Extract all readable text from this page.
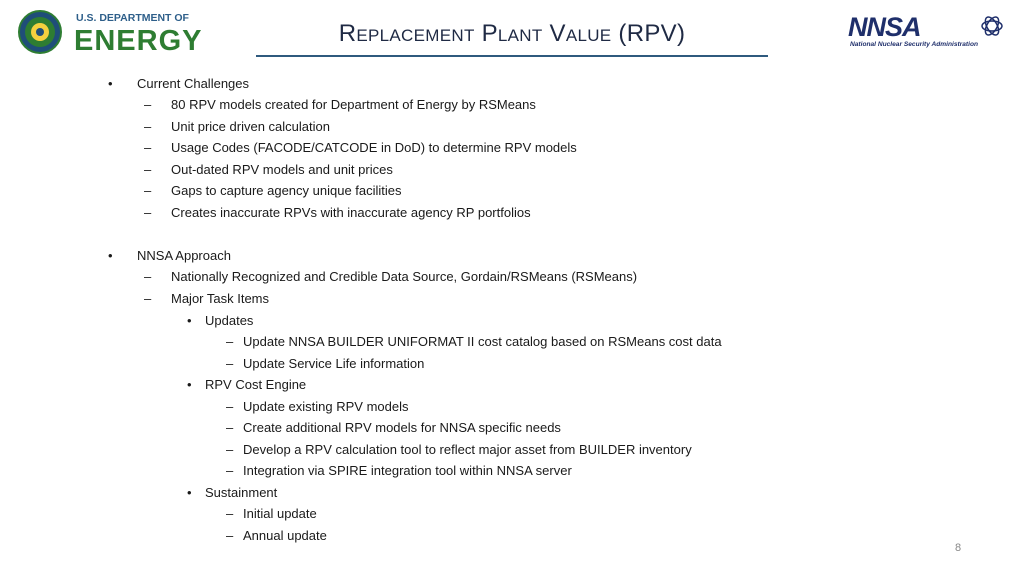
U.S. DEPARTMENT OF
ENERGY	Replacement Plant Value (RPV)	NNSA
National Nuclear Security Administration
• Current Challenges
– 80 RPV models created for Department of Energy by RSMeans
– Unit price driven calculation
– Usage Codes (FACODE/CATCODE in DoD) to determine RPV models
– Out-dated RPV models and unit prices
– Gaps to capture agency unique facilities
– Creates inaccurate RPVs with inaccurate agency RP portfolios
• NNSA Approach
– Nationally Recognized and Credible Data Source, Gordain/RSMeans (RSMeans)
– Major Task Items
• Updates
– Update NNSA BUILDER UNIFORMAT II cost catalog based on RSMeans cost data
– Update Service Life information
• RPV Cost Engine
– Update existing RPV models
– Create additional RPV models for NNSA specific needs
– Develop a RPV calculation tool to reflect major asset from BUILDER inventory
– Integration via SPIRE integration tool within NNSA server
• Sustainment
– Initial update
– Annual update
8
